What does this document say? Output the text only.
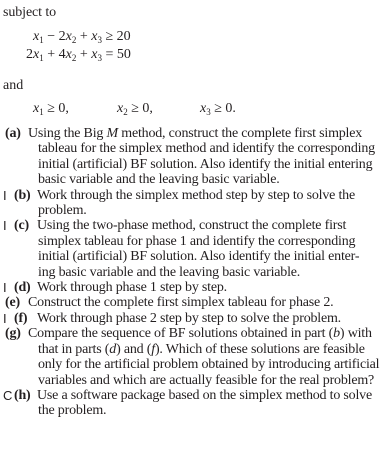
subject to
$x_1 - 2x_2 + x_3 \ge 20$
$2x_1 + 4x_2 + x_3 = 50$
and
$x_1 \ge 0$,	$x_2 \ge 0$,	$x_3 \ge 0$.
(a) Using the Big M method, construct the complete first simplex
tableau for the simplex method and identify the corresponding
initial (artificial) BF solution. Also identify the initial entering
basic variable and the leaving basic variable.
I (b) Work through the simplex method step by step to solve the
problem.
I (c) Using the two-phase method, construct the complete first
simplex tableau for phase 1 and identify the corresponding
initial (artificial) BF solution. Also identify the initial enter-
ing basic variable and the leaving basic variable.
I (d) Work through phase 1 step by step.
(e) Construct the complete first simplex tableau for phase 2.
I (f) Work through phase 2 step by step to solve the problem.
(g) Compare the sequence of BF solutions obtained in part (b) with
that in parts (d) and (f). Which of these solutions are feasible
only for the artificial problem obtained by introducing artificial
variables and which are actually feasible for the real problem?
C (h) Use a software package based on the simplex method to solve
the problem.
